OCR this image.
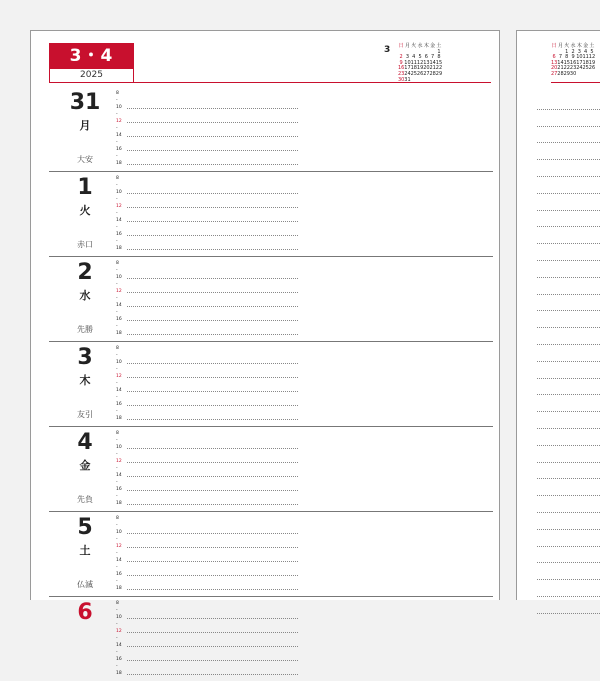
3・4
2025
3 日 月 火 水 木 金 土
1
2 3 4 5 6 7 8
9 10 11 12 13 14 15
16 17 18 19 20 21 22
23 24 25 26 27 28 29
30 31
31
月
大安
8
-
10
-
12
-
14
-
16
-
18
1
火
赤口
8
-
10
-
12
-
14
-
16
-
18
2
水
先勝
8
-
10
-
12
-
14
-
16
-
18
3
木
友引
8
-
10
-
12
-
14
-
16
-
18
4
金
先負
8
-
10
-
12
-
14
-
16
-
18
5
土
仏滅
8
-
10
-
12
-
14
-
16
-
18
6	8
-
10
-
12
-
14
-
16
-
18
日 月 火 水 木 金 土
1 2 3 4 5
6 7 8 9 10 11 12
13 14 15 16 17 18 19
20 21 22 23 24 25 26
27 28 29 30
